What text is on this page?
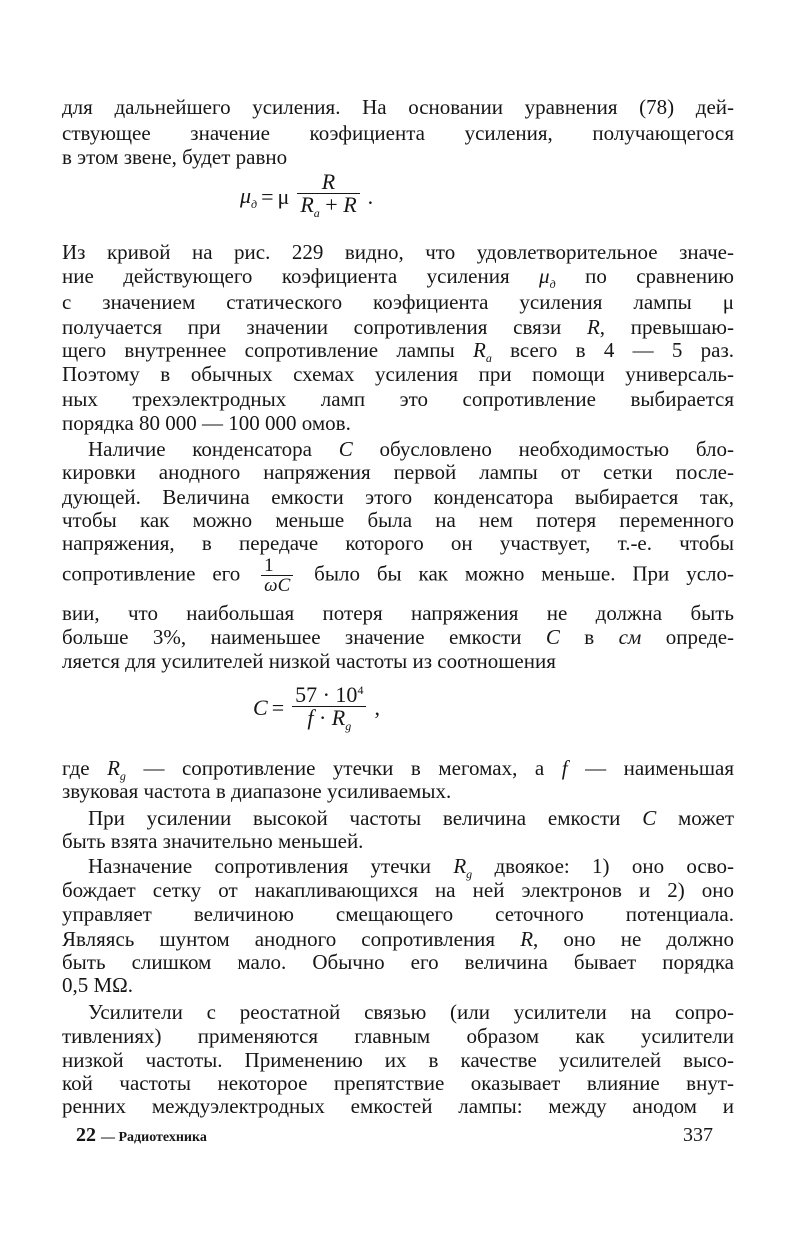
22 — Радиотехника	337
для дальнейшего усиления. На основании уравнения (78) дей-
ствующее значение коэфициента усиления, получающегося
в этом звене, будет равно
$\mu_д = \mu \frac{R}{R_a + R}$ .
Из кривой на рис. 229 видно, что удовлетворительное значе-
ние действующего коэфициента усиления $\mu_д$ по сравнению
с значением статического коэфициента усиления лампы μ
получается при значении сопротивления связи R, превышаю-
щего внутреннее сопротивление лампы $R_a$ всего в 4 — 5 раз.
Поэтому в обычных схемах усиления при помощи универсаль-
ных трехэлектродных ламп это сопротивление выбирается
порядка 80 000 — 100 000 омов.
Наличие конденсатора C обусловлено необходимостью бло-
кировки анодного напряжения первой лампы от сетки после-
дующей. Величина емкости этого конденсатора выбирается так,
чтобы как можно меньше была на нем потеря переменного
напряжения, в передаче которого он участвует, т.-е. чтобы
сопротивление его $\frac{1}{\omega C}$ было бы как можно меньше. При усло-
вии, что наибольшая потеря напряжения не должна быть
больше 3%, наименьшее значение емкости C в см опреде-
ляется для усилителей низкой частоты из соотношения
$C = \frac{57 \cdot 10^4}{f \cdot R_g}$ ,
где $R_g$ — сопротивление утечки в мегомах, а f — наименьшая
звуковая частота в диапазоне усиливаемых.
При усилении высокой частоты величина емкости C может
быть взята значительно меньшей.
Назначение сопротивления утечки $R_g$ двоякое: 1) оно осво-
бождает сетку от накапливающихся на ней электронов и 2) оно
управляет величиною смещающего сеточного потенциала.
Являясь шунтом анодного сопротивления R, оно не должно
быть слишком мало. Обычно его величина бывает порядка
0,5 MΩ.
Усилители с реостатной связью (или усилители на сопро-
тивлениях) применяются главным образом как усилители
низкой частоты. Применению их в качестве усилителей высо-
кой частоты некоторое препятствие оказывает влияние внут-
ренних междуэлектродных емкостей лампы: между анодом и
